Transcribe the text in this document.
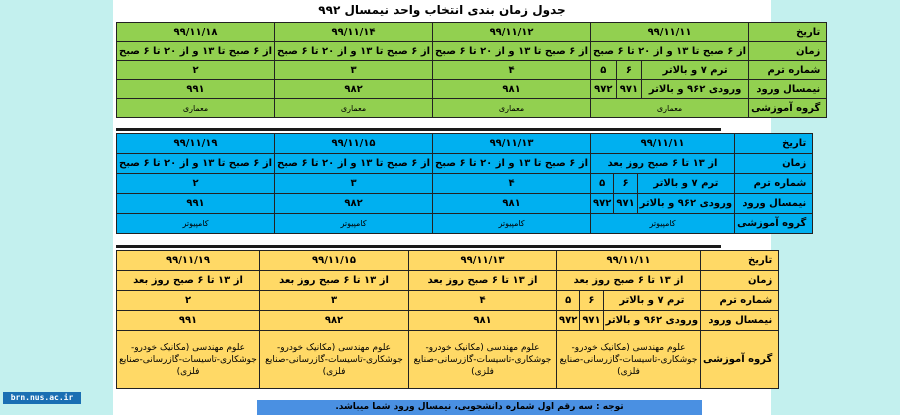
جدول زمان بندی انتخاب واحد نیمسال ۹۹۲
۹۹/۱۱/۱۸	۹۹/۱۱/۱۴	۹۹/۱۱/۱۲	۹۹/۱۱/۱۱			تاریخ
از ۶ صبح تا ۱۳ و از ۲۰ تا ۶ صبح	از ۶ صبح تا ۱۳ و از ۲۰ تا ۶ صبح	از ۶ صبح تا ۱۳ و از ۲۰ تا ۶ صبح	از ۶ صبح تا ۱۳ و از ۲۰ تا ۶ صبح			زمان
۲	۳	۴	۵	۶	ترم ۷ و بالاتر	شماره ترم
۹۹۱	۹۸۲	۹۸۱	۹۷۲	۹۷۱	ورودی ۹۶۲ و بالاتر	نیمسال ورود
معماری	معماری	معماری	معماری			گروه آموزشی
۹۹/۱۱/۱۹	۹۹/۱۱/۱۵	۹۹/۱۱/۱۳	۹۹/۱۱/۱۱			تاریخ
از ۶ صبح تا ۱۳ و از ۲۰ تا ۶ صبح	از ۶ صبح تا ۱۳ و از ۲۰ تا ۶ صبح	از ۶ صبح تا ۱۳ و از ۲۰ تا ۶ صبح	از ۱۳ تا ۶ صبح روز بعد			زمان
۲	۳	۴	۵	۶	ترم ۷ و بالاتر	شماره ترم
۹۹۱	۹۸۲	۹۸۱	۹۷۲	۹۷۱	ورودی ۹۶۲ و بالاتر	نیمسال ورود
کامپیوتر	کامپیوتر	کامپیوتر	کامپیوتر			گروه آموزشی
۹۹/۱۱/۱۹	۹۹/۱۱/۱۵	۹۹/۱۱/۱۳	۹۹/۱۱/۱۱			تاریخ
از ۱۳ تا ۶ صبح روز بعد	از ۱۳ تا ۶ صبح روز بعد	از ۱۳ تا ۶ صبح روز بعد	از ۱۳ تا ۶ صبح روز بعد			زمان
۲	۳	۴	۵	۶	ترم ۷ و بالاتر	شماره ترم
۹۹۱	۹۸۲	۹۸۱	۹۷۲	۹۷۱	ورودی ۹۶۲ و بالاتر	نیمسال ورود
علوم مهندسی (مکانیک خودرو-جوشکاری-تاسیسات-گازرسانی-صنایع فلزی)	علوم مهندسی (مکانیک خودرو-جوشکاری-تاسیسات-گازرسانی-صنایع فلزی)	علوم مهندسی (مکانیک خودرو-جوشکاری-تاسیسات-گازرسانی-صنایع فلزی)	علوم مهندسی (مکانیک خودرو-جوشکاری-تاسیسات-گازرسانی-صنایع فلزی)			گروه آموزشی
توجه : سه رقم اول شماره دانشجویی، نیمسال ورود شما میباشد.
brn.nus.ac.ir
